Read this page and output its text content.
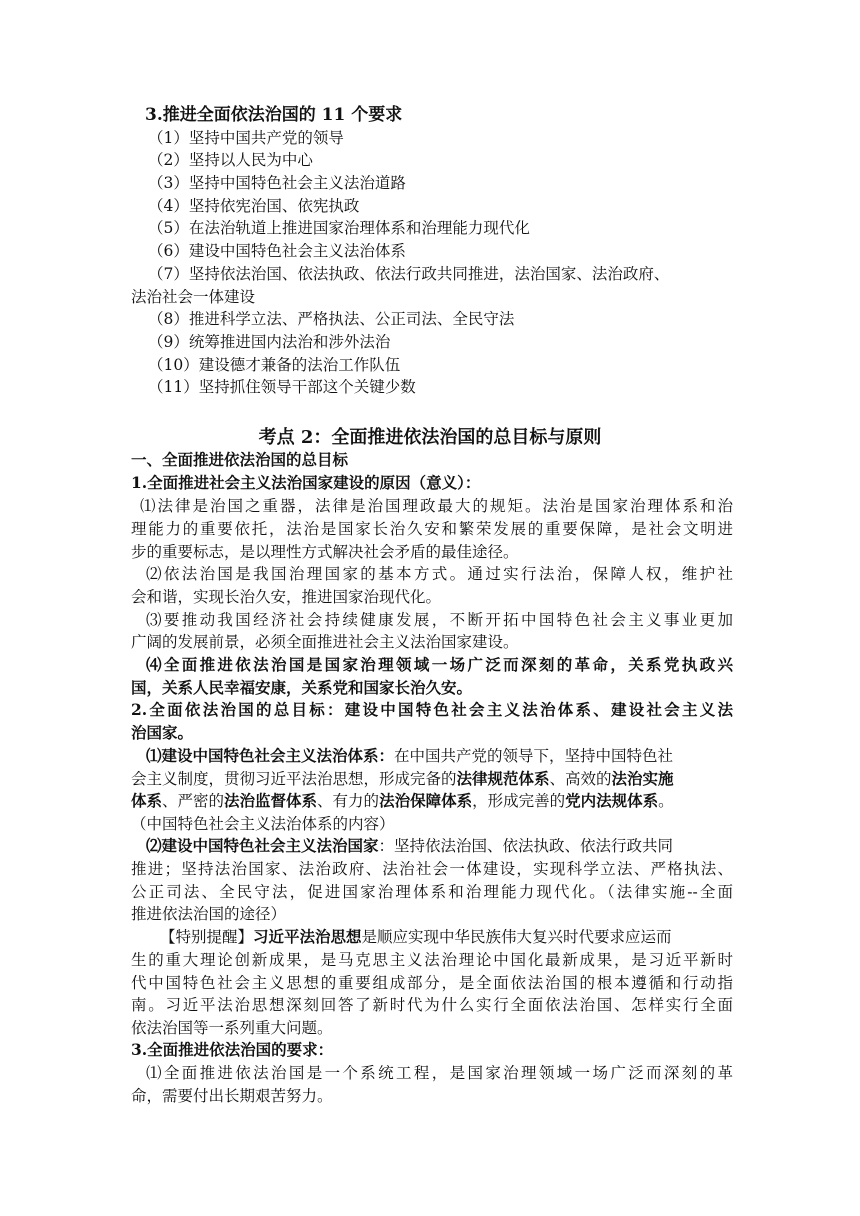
3.推进全面依法治国的 11 个要求
（1）坚持中国共产党的领导
（2）坚持以人民为中心
（3）坚持中国特色社会主义法治道路
（4）坚持依宪治国、依宪执政
（5）在法治轨道上推进国家治理体系和治理能力现代化
（6）建设中国特色社会主义法治体系
（7）坚持依法治国、依法执政、依法行政共同推进，法治国家、法治政府、
法治社会一体建设
（8）推进科学立法、严格执法、公正司法、全民守法
（9）统筹推进国内法治和涉外法治
（10）建设德才兼备的法治工作队伍
（11）坚持抓住领导干部这个关键少数
考点 2：全面推进依法治国的总目标与原则
一、全面推进依法治国的总目标
1.全面推进社会主义法治国家建设的原因（意义）：
⑴法律是治国之重器，法律是治国理政最大的规矩。法治是国家治理体系和治
理能力的重要依托，法治是国家长治久安和繁荣发展的重要保障，是社会文明进
步的重要标志，是以理性方式解决社会矛盾的最佳途径。
⑵依法治国是我国治理国家的基本方式。通过实行法治，保障人权，维护社
会和谐，实现长治久安，推进国家治现代化。
⑶要推动我国经济社会持续健康发展，不断开拓中国特色社会主义事业更加
广阔的发展前景，必须全面推进社会主义法治国家建设。
⑷全面推进依法治国是国家治理领域一场广泛而深刻的革命，关系党执政兴
国，关系人民幸福安康，关系党和国家长治久安。
2.全面依法治国的总目标：建设中国特色社会主义法治体系、建设社会主义法
治国家。
⑴建设中国特色社会主义法治体系：在中国共产党的领导下，坚持中国特色社
会主义制度，贯彻习近平法治思想，形成完备的法律规范体系、高效的法治实施
体系、严密的法治监督体系、有力的法治保障体系，形成完善的党内法规体系。
（中国特色社会主义法治体系的内容）
⑵建设中国特色社会主义法治国家：坚持依法治国、依法执政、依法行政共同
推进；坚持法治国家、法治政府、法治社会一体建设，实现科学立法、严格执法、
公正司法、全民守法，促进国家治理体系和治理能力现代化。（法律实施--全面
推进依法治国的途径）
【特别提醒】习近平法治思想是顺应实现中华民族伟大复兴时代要求应运而
生的重大理论创新成果，是马克思主义法治理论中国化最新成果，是习近平新时
代中国特色社会主义思想的重要组成部分，是全面依法治国的根本遵循和行动指
南。习近平法治思想深刻回答了新时代为什么实行全面依法治国、怎样实行全面
依法治国等一系列重大问题。
3.全面推进依法治国的要求：
⑴全面推进依法治国是一个系统工程，是国家治理领域一场广泛而深刻的革
命，需要付出长期艰苦努力。
